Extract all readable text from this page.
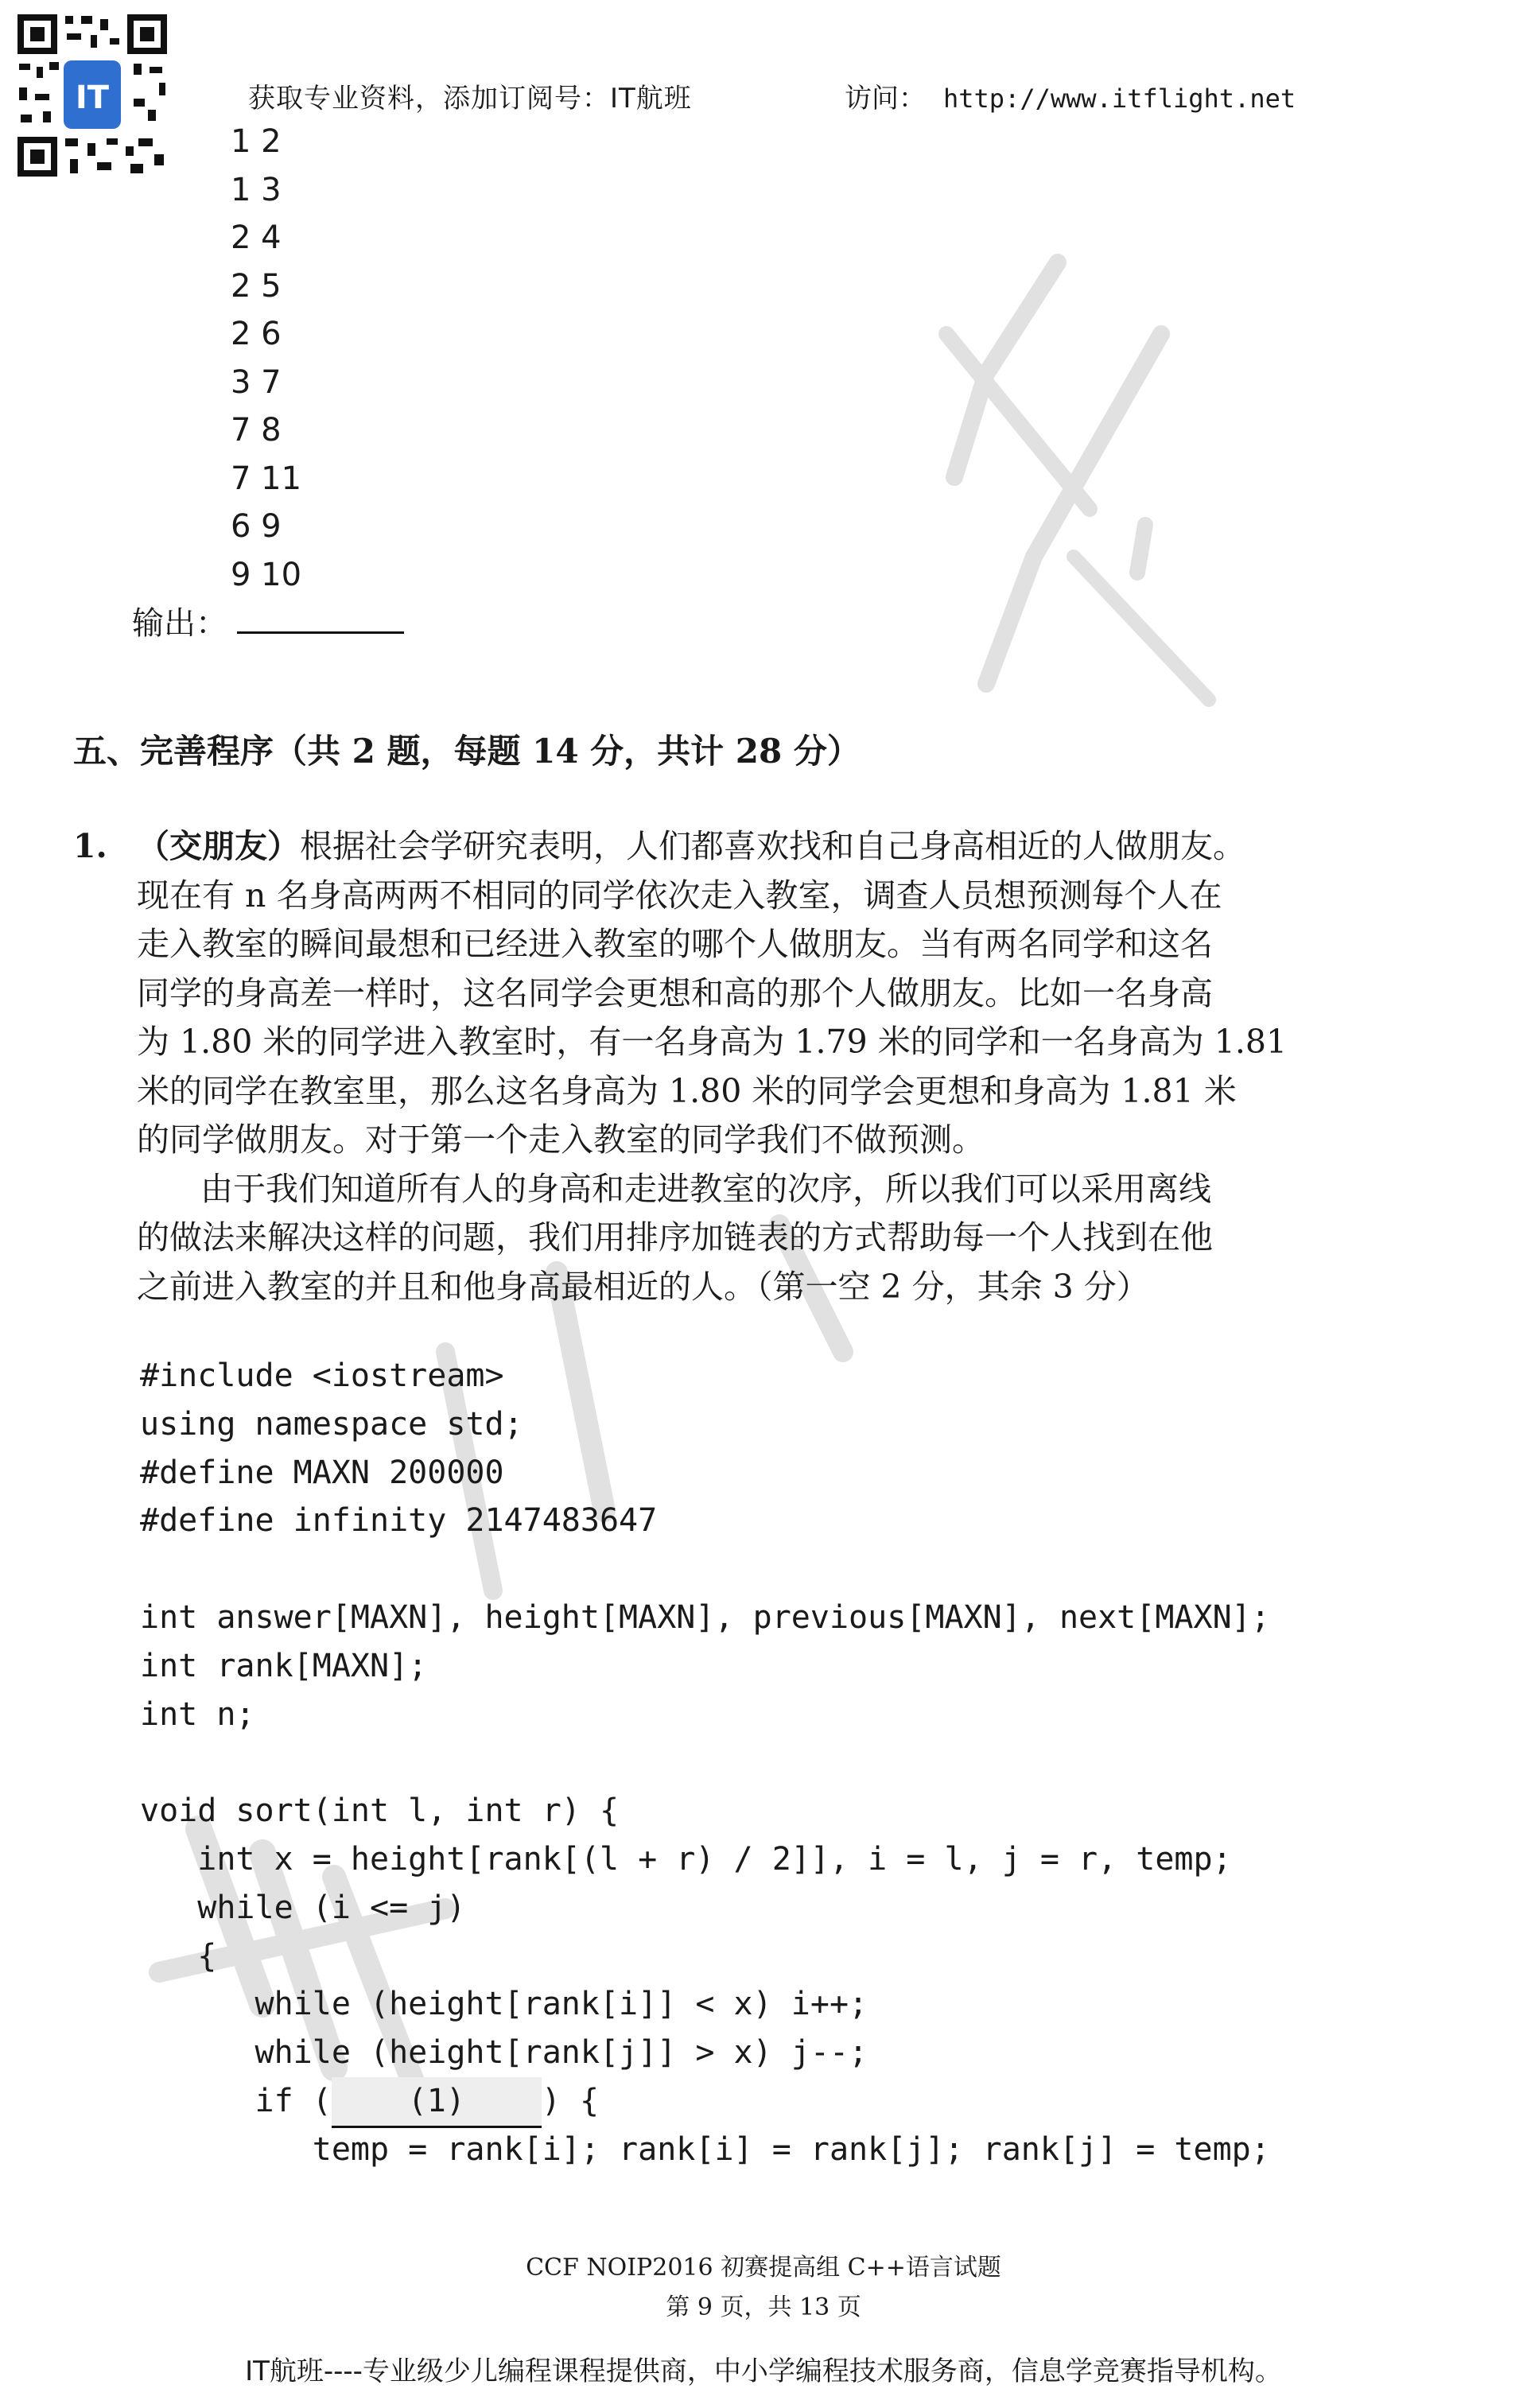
IT	获取专业资料，添加订阅号：IT航班	访问： http://www.itflight.net
1 2
1 3
2 4
2 5
2 6
3 7
7 8
7 11
6 9
9 10
输出：
五、完善程序（共 2 题，每题 14 分，共计 28 分）
1. （交朋友）根据社会学研究表明，人们都喜欢找和自己身高相近的人做朋友。
现在有 n 名身高两两不相同的同学依次走入教室，调查人员想预测每个人在
走入教室的瞬间最想和已经进入教室的哪个人做朋友。当有两名同学和这名
同学的身高差一样时，这名同学会更想和高的那个人做朋友。比如一名身高
为 1.80 米的同学进入教室时，有一名身高为 1.79 米的同学和一名身高为 1.81
米的同学在教室里，那么这名身高为 1.80 米的同学会更想和身高为 1.81 米
的同学做朋友。对于第一个走入教室的同学我们不做预测。
由于我们知道所有人的身高和走进教室的次序，所以我们可以采用离线
的做法来解决这样的问题，我们用排序加链表的方式帮助每一个人找到在他
之前进入教室的并且和他身高最相近的人。（第一空 2 分，其余 3 分）
#include <iostream>
using namespace std;
#define MAXN 200000
#define infinity 2147483647
int answer[MAXN], height[MAXN], previous[MAXN], next[MAXN];
int rank[MAXN];
int n;
void sort(int l, int r) {
int x = height[rank[(l + r) / 2]], i = l, j = r, temp;
while (i <= j)
{
while (height[rank[i]] < x) i++;
while (height[rank[j]] > x) j--;
if ( (1) ) {
temp = rank[i]; rank[i] = rank[j]; rank[j] = temp;
CCF NOIP2016 初赛提高组 C++语言试题
第 9 页，共 13 页
IT航班----专业级少儿编程课程提供商，中小学编程技术服务商，信息学竞赛指导机构。
